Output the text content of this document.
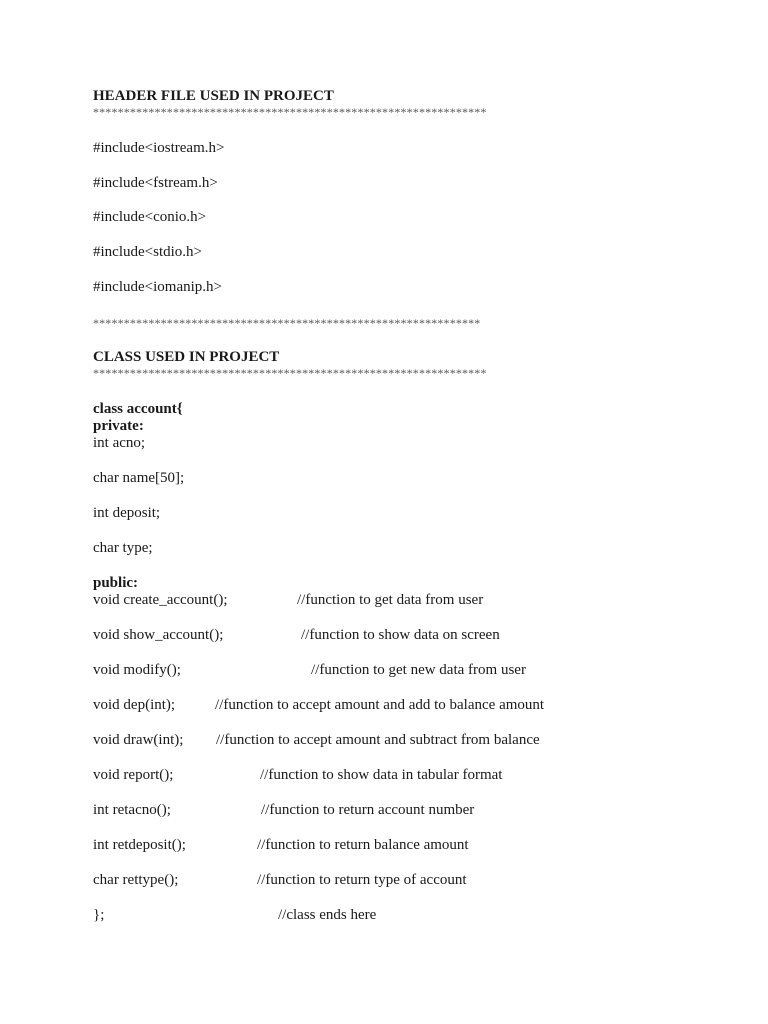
HEADER FILE USED IN PROJECT
****************************************************************
#include<iostream.h>
#include<fstream.h>
#include<conio.h>
#include<stdio.h>
#include<iomanip.h>
***************************************************************
CLASS USED IN PROJECT
****************************************************************
class account{
private:
int acno;
char name[50];
int deposit;
char type;
public:
void create_account();	//function to get data from user
void show_account();	//function to show data on screen
void modify();	//function to get new data from user
void dep(int);	//function to accept amount and add to balance amount
void draw(int); //function to accept amount and subtract from balance
void report();	//function to show data in tabular format
int retacno();	//function to return account number
int retdeposit();	//function to return balance amount
char rettype();	//function to return type of account
};	//class ends here
